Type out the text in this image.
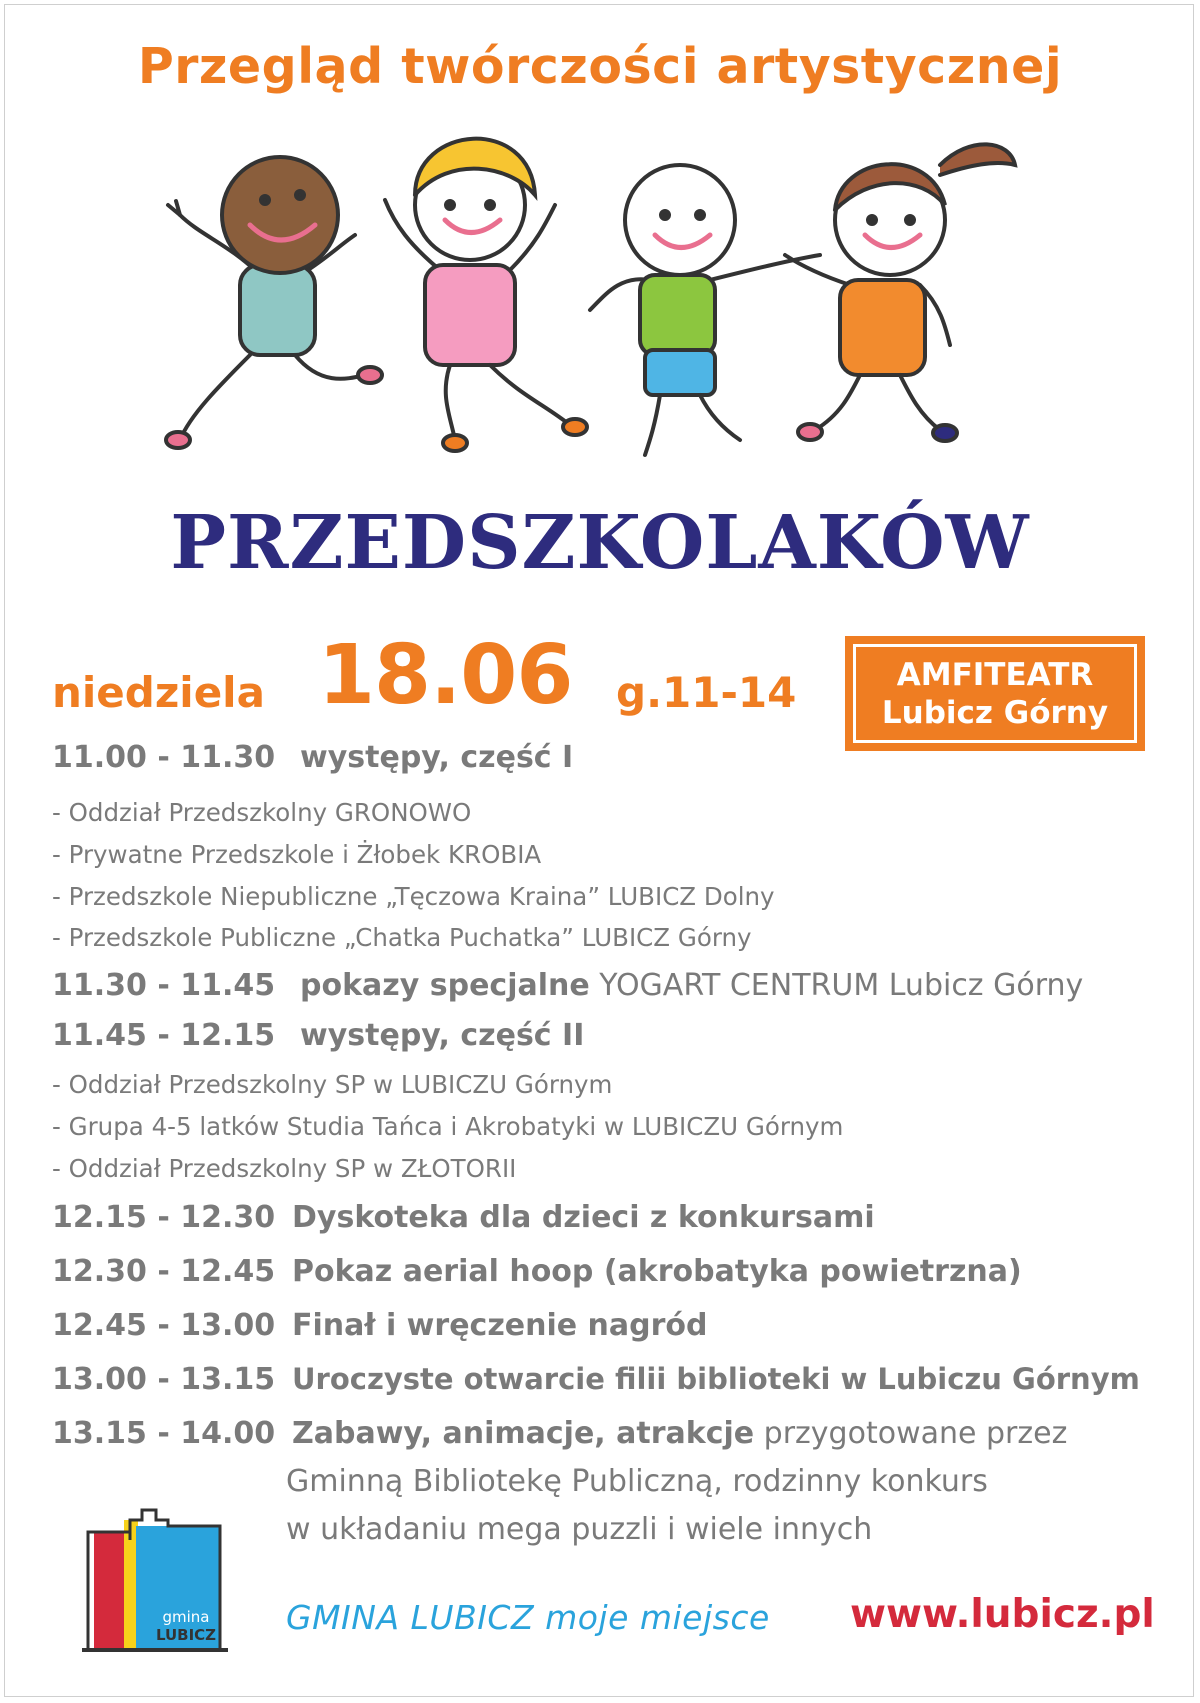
Przegląd twórczości artystycznej
PRZEDSZKOLAKÓW
niedziela 18.06 g.11-14	AMFITEATR
Lubicz Górny
11.00 - 11.30 występy, część I
- Oddział Przedszkolny GRONOWO
- Prywatne Przedszkole i Żłobek KROBIA
- Przedszkole Niepubliczne „Tęczowa Kraina” LUBICZ Dolny
- Przedszkole Publiczne „Chatka Puchatka” LUBICZ Górny
11.30 - 11.45 pokazy specjalne YOGART CENTRUM Lubicz Górny
11.45 - 12.15 występy, część II
- Oddział Przedszkolny SP w LUBICZU Górnym
- Grupa 4-5 latków Studia Tańca i Akrobatyki w LUBICZU Górnym
- Oddział Przedszkolny SP w ZŁOTORII
12.15 - 12.30 Dyskoteka dla dzieci z konkursami
12.30 - 12.45 Pokaz aerial hoop (akrobatyka powietrzna)
12.45 - 13.00 Finał i wręczenie nagród
13.00 - 13.15 Uroczyste otwarcie filii biblioteki w Lubiczu Górnym
13.15 - 14.00 Zabawy, animacje, atrakcje przygotowane przez
Gminną Bibliotekę Publiczną, rodzinny konkurs
w układaniu mega puzzli i wiele innych
gmina
LUBICZ GMINA LUBICZ moje miejsce www.lubicz.pl
